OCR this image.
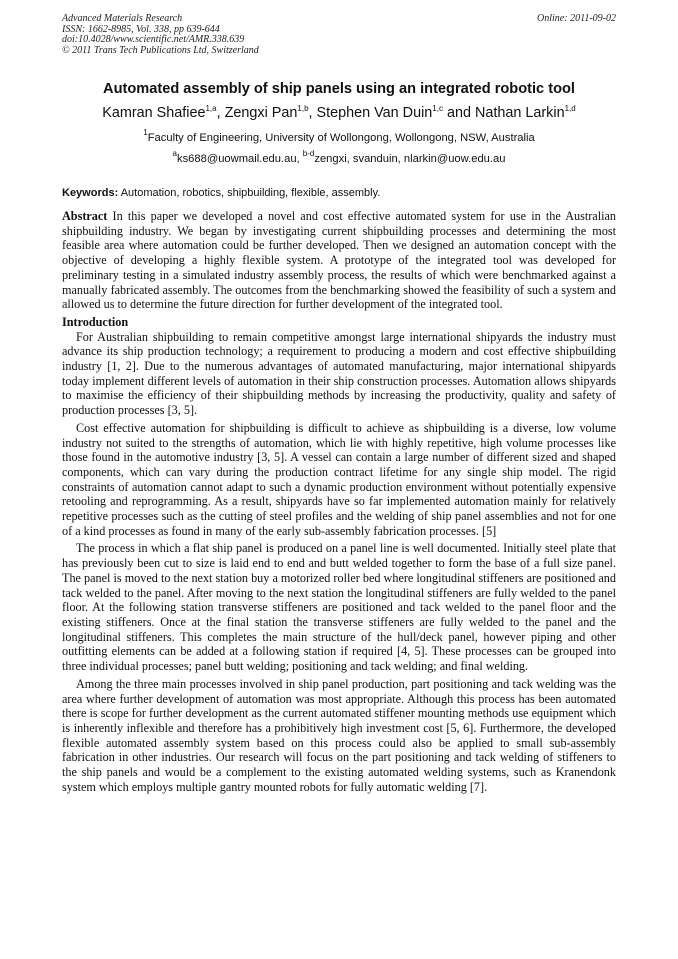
Advanced Materials Research
ISSN: 1662-8985, Vol. 338, pp 639-644
doi:10.4028/www.scientific.net/AMR.338.639
© 2011 Trans Tech Publications Ltd, Switzerland
Online: 2011-09-02
Automated assembly of ship panels using an integrated robotic tool
Kamran Shafiee$^{1,a}$, Zengxi Pan$^{1,b}$, Stephen Van Duin$^{1,c}$ and Nathan Larkin$^{1,d}$
$^1$Faculty of Engineering, University of Wollongong, Wollongong, NSW, Australia
$^a$ks688@uowmail.edu.au, $^{b-d}$zengxi, svanduin, nlarkin@uow.edu.au
Keywords: Automation, robotics, shipbuilding, flexible, assembly.

Abstract In this paper we developed a novel and cost effective automated system for use in the Australian shipbuilding industry. We began by investigating current shipbuilding processes and determining the most feasible area where automation could be further developed. Then we designed an automation concept with the objective of developing a highly flexible system. A prototype of the integrated tool was developed for preliminary testing in a simulated industry assembly process, the results of which were benchmarked against a manually fabricated assembly. The outcomes from the benchmarking showed the feasibility of such a system and allowed us to determine the future direction for further development of the integrated tool.

Introduction

For Australian shipbuilding to remain competitive amongst large international shipyards the industry must advance its ship production technology; a requirement to producing a modern and cost effective shipbuilding industry [1, 2]. Due to the numerous advantages of automated manufacturing, major international shipyards today implement different levels of automation in their ship construction processes. Automation allows shipyards to maximise the efficiency of their shipbuilding methods by increasing the productivity, quality and safety of production processes [3, 5].

Cost effective automation for shipbuilding is difficult to achieve as shipbuilding is a diverse, low volume industry not suited to the strengths of automation, which lie with highly repetitive, high volume processes like those found in the automotive industry [3, 5]. A vessel can contain a large number of different sized and shaped components, which can vary during the production contract lifetime for any single ship model. The rigid constraints of automation cannot adapt to such a dynamic production environment without potentially expensive retooling and reprogramming. As a result, shipyards have so far implemented automation mainly for relatively repetitive processes such as the cutting of steel profiles and the welding of ship panel assemblies and not for one of a kind processes as found in many of the early sub-assembly fabrication processes. [5]

The process in which a flat ship panel is produced on a panel line is well documented. Initially steel plate that has previously been cut to size is laid end to end and butt welded together to form the base of a full size panel. The panel is moved to the next station buy a motorized roller bed where longitudinal stiffeners are positioned and tack welded to the panel. After moving to the next station the longitudinal stiffeners are fully welded to the panel floor. At the following station transverse stiffeners are positioned and tack welded to the panel floor and the existing stiffeners. Once at the final station the transverse stiffeners are fully welded to the panel and the longitudinal stiffeners. This completes the main structure of the hull/deck panel, however piping and other outfitting elements can be added at a following station if required [4, 5]. These processes can be grouped into three individual processes; panel butt welding; positioning and tack welding; and final welding.

Among the three main processes involved in ship panel production, part positioning and tack welding was the area where further development of automation was most appropriate. Although this process has been automated there is scope for further development as the current automated stiffener mounting methods use equipment which is inherently inflexible and therefore has a prohibitively high investment cost [5, 6]. Furthermore, the developed flexible automated assembly system based on this process could also be applied to small sub-assembly fabrication in other industries. Our research will focus on the part positioning and tack welding of stiffeners to the ship panels and would be a complement to the existing automated welding systems, such as Kranendonk system which employs multiple gantry mounted robots for fully automatic welding [7].
